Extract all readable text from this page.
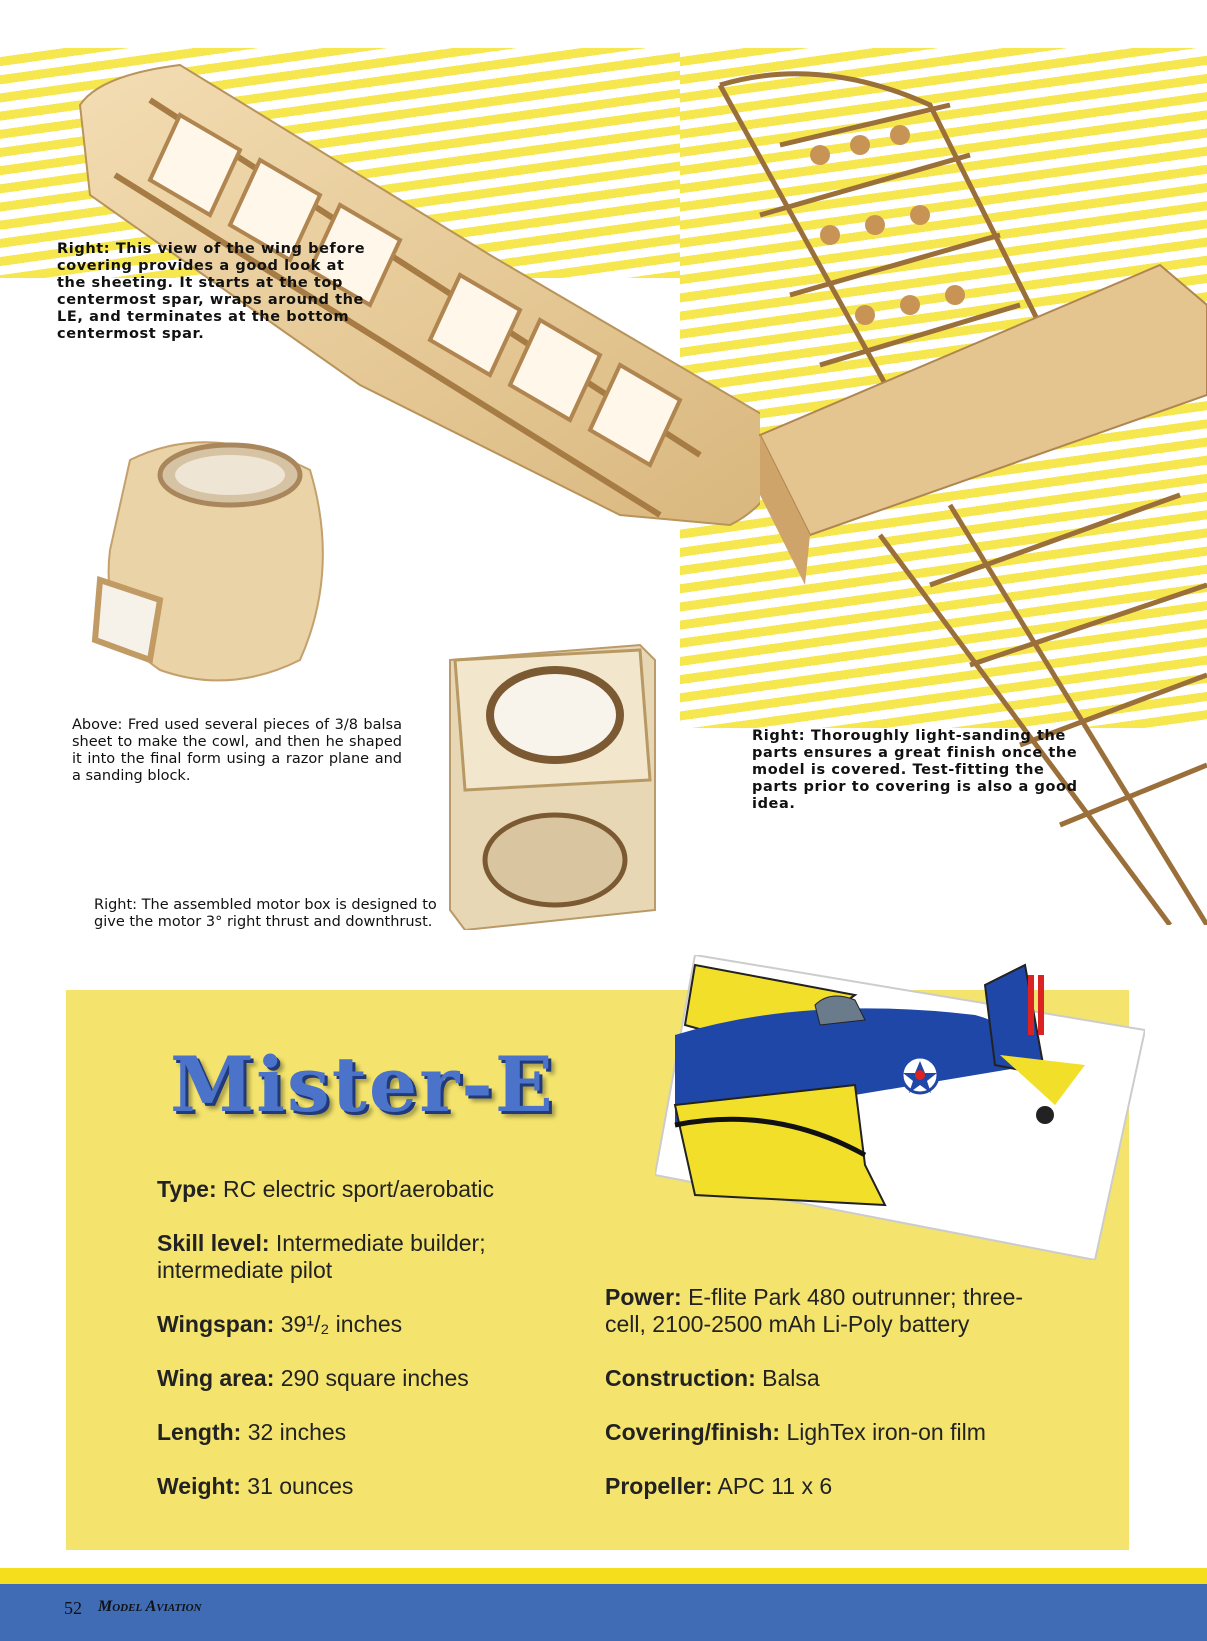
Right: This view of the wing before covering provides a good look at the sheeting. It starts at the top centermost spar, wraps around the LE, and terminates at the bottom centermost spar.
Above: Fred used several pieces of 3/8 balsa sheet to make the cowl, and then he shaped it into the final form using a razor plane and a sanding block.
Right: Thoroughly light-sanding the parts ensures a great finish once the model is covered. Test-fitting the parts prior to covering is also a good idea.
Right: The assembled motor box is designed to give the motor 3° right thrust and downthrust.
Mister-E
Type: RC electric sport/aerobatic
Skill level: Intermediate builder; intermediate pilot
Wingspan: 39¹/₂ inches
Wing area: 290 square inches
Length: 32 inches
Weight: 31 ounces
Power: E-flite Park 480 outrunner; three-cell, 2100-2500 mAh Li-Poly battery
Construction: Balsa
Covering/finish: LighTex iron-on film
Propeller: APC 11 x 6
52 Model Aviation
